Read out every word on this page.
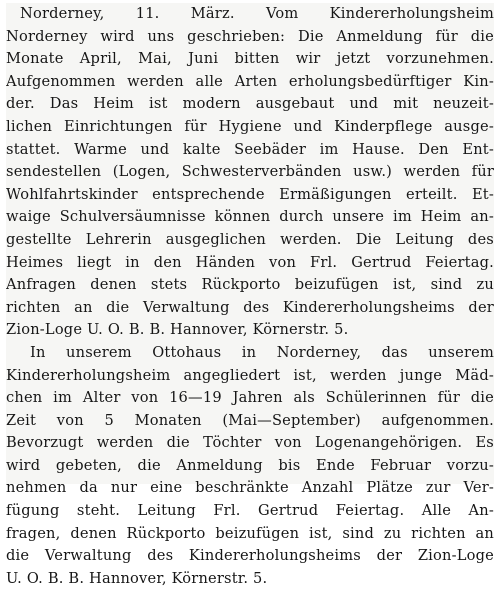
Norderney, 11. März. Vom Kindererholungsheim
Norderney wird uns geschrieben: Die Anmeldung für die
Monate April, Mai, Juni bitten wir jetzt vorzunehmen.
Aufgenommen werden alle Arten erholungsbedürftiger Kin-
der. Das Heim ist modern ausgebaut und mit neuzeit-
lichen Einrichtungen für Hygiene und Kinderpflege ausge-
stattet. Warme und kalte Seebäder im Hause. Den Ent-
sendestellen (Logen, Schwesterverbänden usw.) werden für
Wohlfahrtskinder entsprechende Ermäßigungen erteilt. Et-
waige Schulversäumnisse können durch unsere im Heim an-
gestellte Lehrerin ausgeglichen werden. Die Leitung des
Heimes liegt in den Händen von Frl. Gertrud Feiertag.
Anfragen denen stets Rückporto beizufügen ist, sind zu
richten an die Verwaltung des Kindererholungsheims der
Zion-Loge U. O. B. B. Hannover, Körnerstr. 5.
In unserem Ottohaus in Norderney, das unserem
Kindererholungsheim angegliedert ist, werden junge Mäd-
chen im Alter von 16—19 Jahren als Schülerinnen für die
Zeit von 5 Monaten (Mai—September) aufgenommen.
Bevorzugt werden die Töchter von Logenangehörigen. Es
wird gebeten, die Anmeldung bis Ende Februar vorzu-
nehmen da nur eine beschränkte Anzahl Plätze zur Ver-
fügung steht. Leitung Frl. Gertrud Feiertag. Alle An-
fragen, denen Rückporto beizufügen ist, sind zu richten an
die Verwaltung des Kindererholungsheims der Zion-Loge
U. O. B. B. Hannover, Körnerstr. 5.
